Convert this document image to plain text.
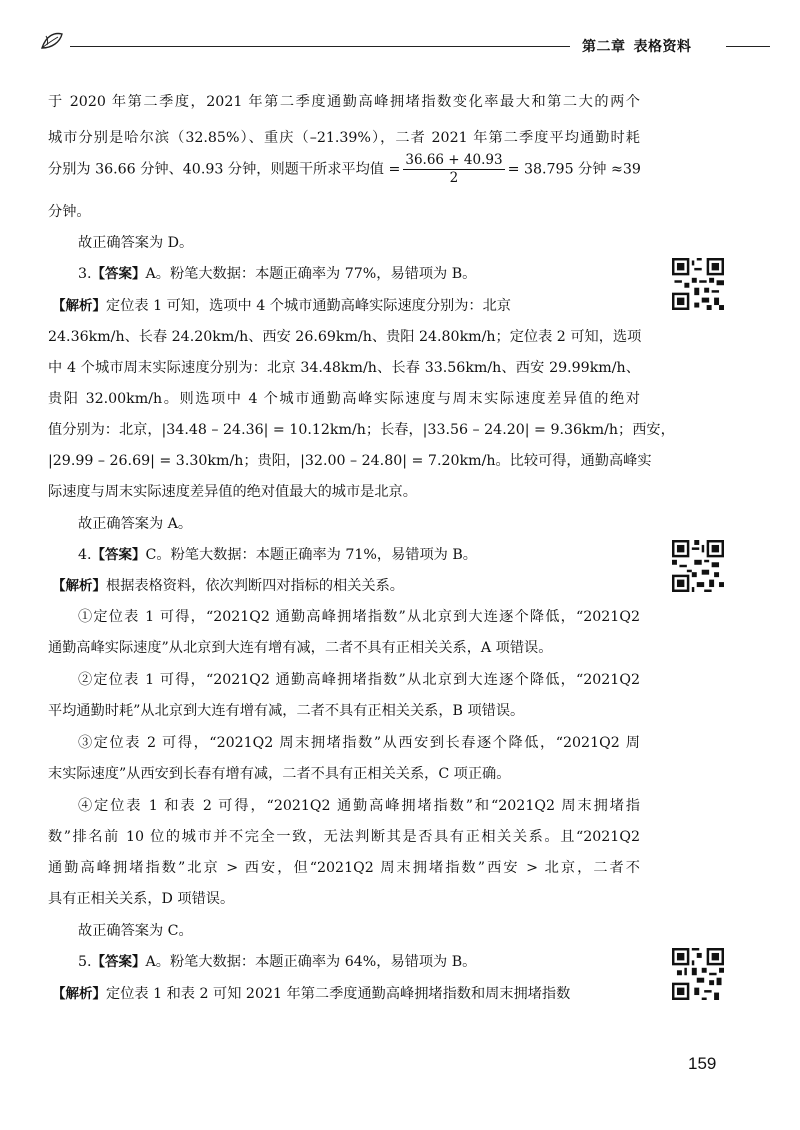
第二章 表格资料
于 2020 年第二季度，2021 年第二季度通勤高峰拥堵指数变化率最大和第二大的两个
城市分别是哈尔滨（32.85%）、重庆（–21.39%），二者 2021 年第二季度平均通勤时耗
分别为 36.66 分钟、40.93 分钟，则题干所求平均值 = $\frac{36.66 + 40.93}{2} = 38.795$ 分钟 ≈39
分钟。
故正确答案为 D。
3.【答案】A。粉笔大数据：本题正确率为 77%，易错项为 B。
【解析】定位表 1 可知，选项中 4 个城市通勤高峰实际速度分别为：北京
24.36km/h、长春 24.20km/h、西安 26.69km/h、贵阳 24.80km/h；定位表 2 可知，选项
中 4 个城市周末实际速度分别为：北京 34.48km/h、长春 33.56km/h、西安 29.99km/h、
贵阳 32.00km/h。则选项中 4 个城市通勤高峰实际速度与周末实际速度差异值的绝对
值分别为：北京，|34.48 – 24.36| = 10.12km/h；长春，|33.56 – 24.20| = 9.36km/h；西安，
|29.99 – 26.69| = 3.30km/h；贵阳，|32.00 – 24.80| = 7.20km/h。比较可得，通勤高峰实
际速度与周末实际速度差异值的绝对值最大的城市是北京。
故正确答案为 A。
4.【答案】C。粉笔大数据：本题正确率为 71%，易错项为 B。
【解析】根据表格资料，依次判断四对指标的相关关系。
①定位表 1 可得，“2021Q2 通勤高峰拥堵指数”从北京到大连逐个降低，“2021Q2
通勤高峰实际速度”从北京到大连有增有减，二者不具有正相关关系，A 项错误。
②定位表 1 可得，“2021Q2 通勤高峰拥堵指数”从北京到大连逐个降低，“2021Q2
平均通勤时耗”从北京到大连有增有减，二者不具有正相关关系，B 项错误。
③定位表 2 可得，“2021Q2 周末拥堵指数”从西安到长春逐个降低，“2021Q2 周
末实际速度”从西安到长春有增有减，二者不具有正相关关系，C 项正确。
④定位表 1 和表 2 可得，“2021Q2 通勤高峰拥堵指数”和“2021Q2 周末拥堵指
数”排名前 10 位的城市并不完全一致，无法判断其是否具有正相关关系。且“2021Q2
通勤高峰拥堵指数”北京 > 西安，但“2021Q2 周末拥堵指数”西安 > 北京，二者不
具有正相关关系，D 项错误。
故正确答案为 C。
5.【答案】A。粉笔大数据：本题正确率为 64%，易错项为 B。
【解析】定位表 1 和表 2 可知 2021 年第二季度通勤高峰拥堵指数和周末拥堵指数
159
